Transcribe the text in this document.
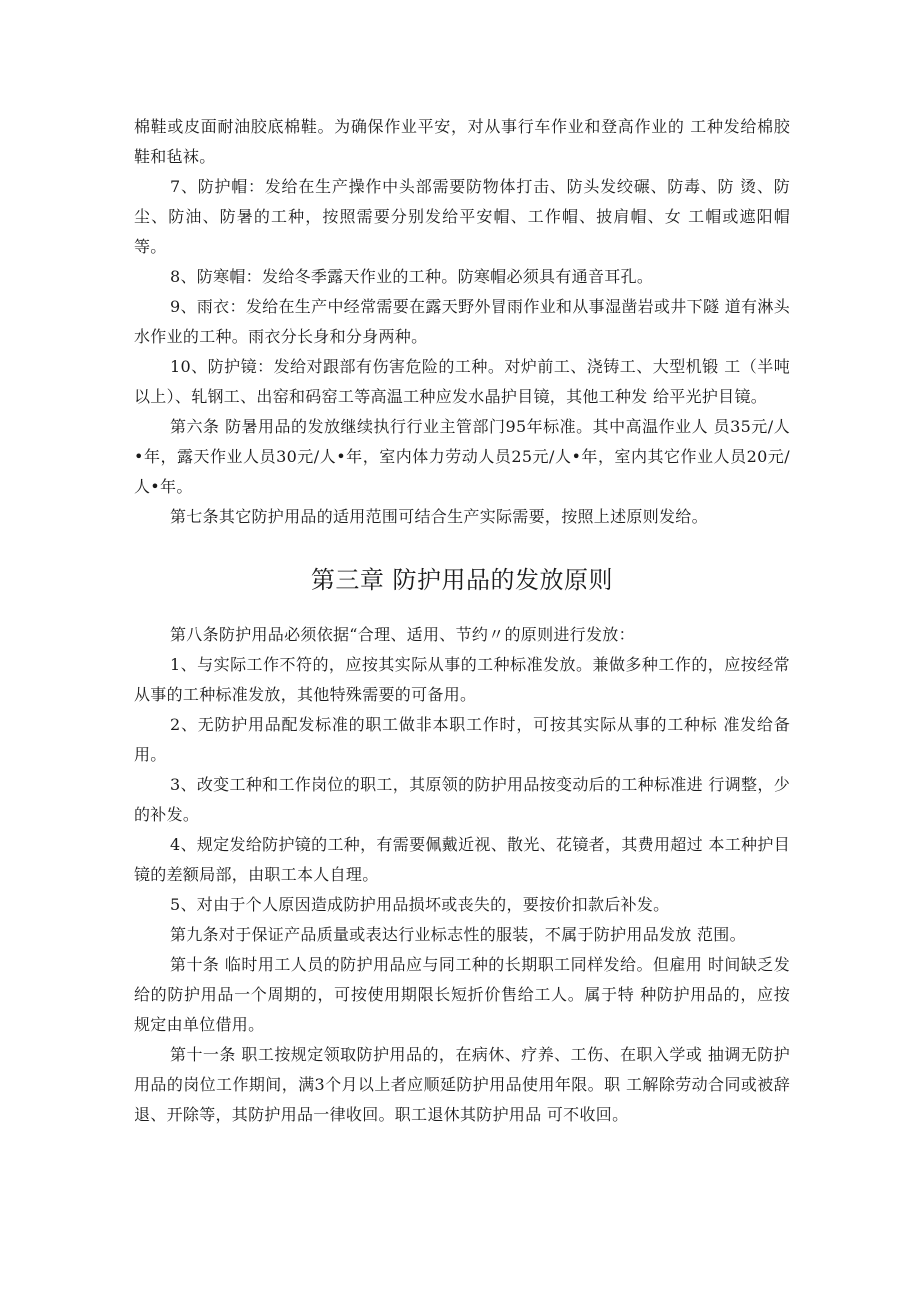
棉鞋或皮面耐油胶底棉鞋。为确保作业平安，对从事行车作业和登高作业的 工种发给棉胶鞋和毡袜。

7、防护帽：发给在生产操作中头部需要防物体打击、防头发绞碾、防毒、防 烫、防尘、防油、防暑的工种，按照需要分别发给平安帽、工作帽、披肩帽、女 工帽或遮阳帽等。

8、防寒帽：发给冬季露天作业的工种。防寒帽必须具有通音耳孔。

9、雨衣：发给在生产中经常需要在露天野外冒雨作业和从事湿凿岩或井下隧 道有淋头水作业的工种。雨衣分长身和分身两种。

10、防护镜：发给对跟部有伤害危险的工种。对炉前工、浇铸工、大型机锻 工（半吨以上）、轧钢工、出窑和码窑工等高温工种应发水晶护目镜，其他工种发 给平光护目镜。

第六条 防暑用品的发放继续执行行业主管部门95年标准。其中高温作业人 员35元/人•年，露天作业人员30元/人•年，室内体力劳动人员25元/人•年，室内其它作业人员20元/人•年。

第七条其它防护用品的适用范围可结合生产实际需要，按照上述原则发给。

第三章 防护用品的发放原则

第八条防护用品必须依据“合理、适用、节约〃的原则进行发放：

1、与实际工作不符的，应按其实际从事的工种标准发放。兼做多种工作的，应按经常从事的工种标准发放，其他特殊需要的可备用。

2、无防护用品配发标准的职工做非本职工作时，可按其实际从事的工种标 准发给备用。

3、改变工种和工作岗位的职工，其原领的防护用品按变动后的工种标准进 行调整，少的补发。

4、规定发给防护镜的工种，有需要佩戴近视、散光、花镜者，其费用超过 本工种护目镜的差额局部，由职工本人自理。

5、对由于个人原因造成防护用品损坏或丧失的，要按价扣款后补发。

第九条对于保证产品质量或表达行业标志性的服装，不属于防护用品发放 范围。

第十条 临时用工人员的防护用品应与同工种的长期职工同样发给。但雇用 时间缺乏发给的防护用品一个周期的，可按使用期限长短折价售给工人。属于特 种防护用品的，应按规定由单位借用。

第十一条 职工按规定领取防护用品的，在病休、疗养、工伤、在职入学或 抽调无防护用品的岗位工作期间，满3个月以上者应顺延防护用品使用年限。职 工解除劳动合同或被辞退、开除等，其防护用品一律收回。职工退休其防护用品 可不收回。
